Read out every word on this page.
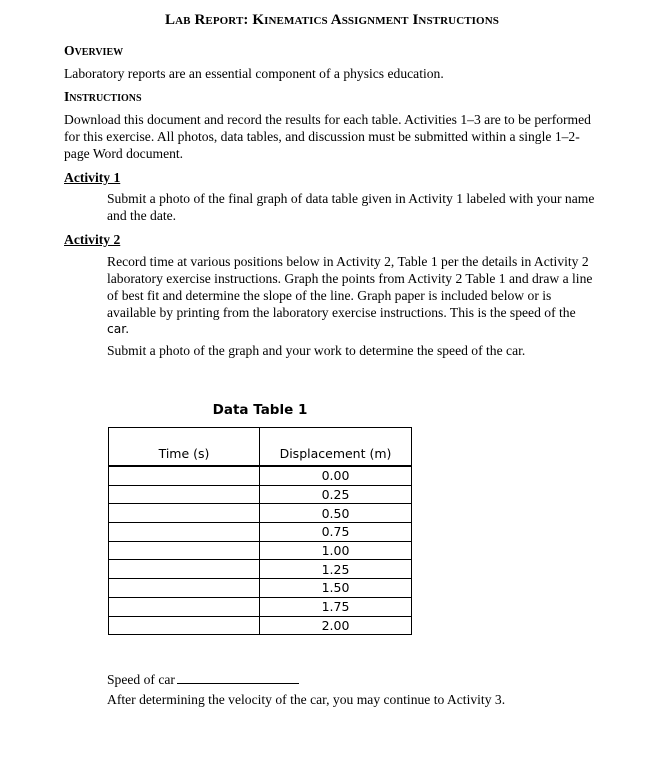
Lab Report: Kinematics Assignment Instructions
Overview
Laboratory reports are an essential component of a physics education.
Instructions
Download this document and record the results for each table. Activities 1–3 are to be performed
for this exercise. All photos, data tables, and discussion must be submitted within a single 1–2-
page Word document.
Activity 1
Submit a photo of the final graph of data table given in Activity 1 labeled with your name
and the date.
Activity 2
Record time at various positions below in Activity 2, Table 1 per the details in Activity 2
laboratory exercise instructions. Graph the points from Activity 2 Table 1 and draw a line
of best fit and determine the slope of the line. Graph paper is included below or is
available by printing from the laboratory exercise instructions. This is the speed of the
car.
Submit a photo of the graph and your work to determine the speed of the car.
Data Table 1
Time (s)	Displacement (m)
	0.00
	0.25
	0.50
	0.75
	1.00
	1.25
	1.50
	1.75
	2.00
Speed of car
After determining the velocity of the car, you may continue to Activity 3.
